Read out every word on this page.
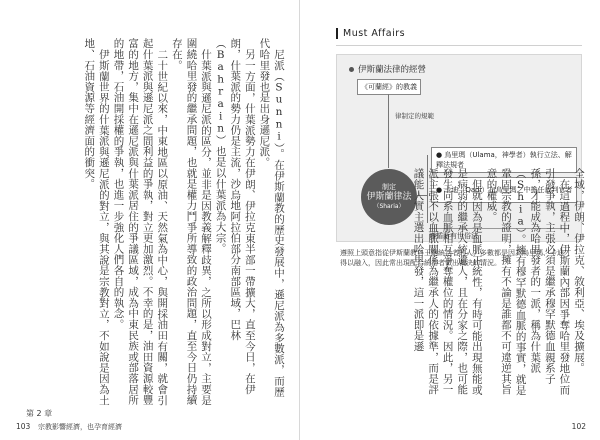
尼派（Sunni）。在伊斯蘭教的歷史發展中，遜尼派為多數派，而歷代哈里發也是出身遜尼派。

另一方面，什葉派勢力在伊朗、伊拉克東半部一帶擴大，直至今日，在伊朗，什葉派的勢力仍是主流，沙烏地阿拉伯部分南部區域，巴林（Bahrain）也是以什葉派為大宗。

什葉派與遜尼派的區分，並非是因教義解釋歧異，之所以形成對立，主要是圍繞哈里發的繼承問題，也就是權力鬥爭所導致的政治問題，直至今日仍持續存在。

二十世紀以來，中東地區以原油、天然氣為中心，與開採油田有關，就會引起什葉派與遜尼派之間利益的爭執，對立更加激烈。不幸的是，油田資源較豐富的地方，集中在遜尼派與什葉派居住的爭議區域，成為中東民族或部落居所的地帶，石油開採權的爭執，也進一步強化人們各自的執念。

伊斯蘭世界的什葉派與遜尼派的對立，與其說是宗教對立，不如說是因為土地、石油資源等經濟面的衝突。

第 2 章
103 宗教影響經濟，也孕育經濟
Must Affairs
伊斯蘭法律的經營
《可蘭經》的教義
律制定的規範
制定
伊斯蘭律法
（Sharia）
● 烏里瑪（Ulama，神學者）執行立法、解釋法規者
● 卡迪（Qadi）在烏里瑪之中擔任裁判官者
遵循所有世俗法
遵照上頭意指從伊斯蘭教各王朝統治者的人，多數都是因為烏里瑪、卡迪才得以融入，因此常出現配合統治者做出裁決的情況。	全域，伊朗、伊拉克、敘利亞、埃及擴展。

在這過程中，伊斯蘭內部因爭奪哈里發地位而引發爭執，主張必須是繼承穆罕默德血親系子孫，才能成為哈里發者的一派，稱為什葉派（Shia）。擁有穆罕默德血脈的事實，就是鞏固宗教的證明，擁有不論是誰都不可違逆其旨意的權威。

但就因為是血脈正統性，有時可能出現無能或是病弱的繼承人統遺人，且在分家之際，也可能發生同系血脈相互爭奪權位的情況。因此，另一派主張不以血脈關係為繼承人的依據準，而是評議能人實主選出哈里發，這一派即是遜

102
